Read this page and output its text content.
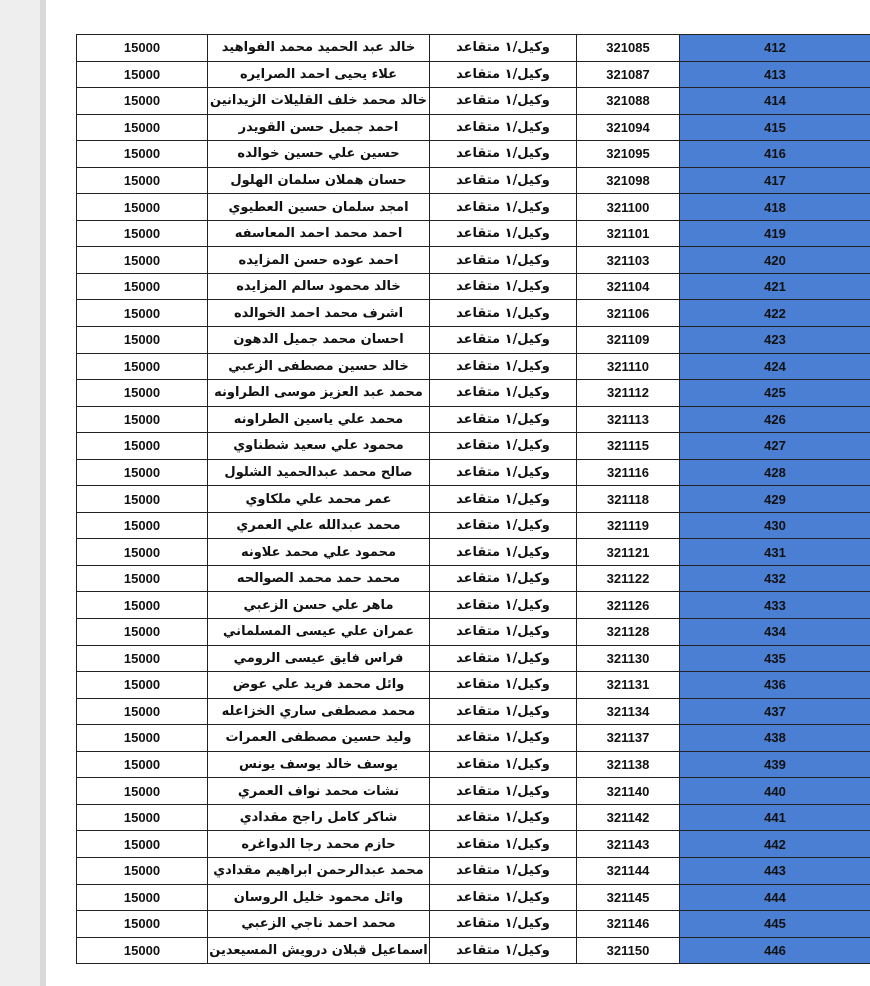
15000	خالد عبد الحميد محمد الفواهيد	وكيل/١ متقاعد	321085	412
15000	علاء يحيى احمد الصرايره	وكيل/١ متقاعد	321087	413
15000	خالد محمد خلف القليلات الزيدانين	وكيل/١ متقاعد	321088	414
15000	احمد جميل حسن القويدر	وكيل/١ متقاعد	321094	415
15000	حسين علي حسين خوالده	وكيل/١ متقاعد	321095	416
15000	حسان هملان سلمان الهلول	وكيل/١ متقاعد	321098	417
15000	امجد سلمان حسين العطيوي	وكيل/١ متقاعد	321100	418
15000	احمد محمد احمد المعاسفه	وكيل/١ متقاعد	321101	419
15000	احمد عوده حسن المزايده	وكيل/١ متقاعد	321103	420
15000	خالد محمود سالم المزايده	وكيل/١ متقاعد	321104	421
15000	اشرف محمد احمد الخوالده	وكيل/١ متقاعد	321106	422
15000	احسان محمد جميل الدهون	وكيل/١ متقاعد	321109	423
15000	خالد حسين مصطفى الزعبي	وكيل/١ متقاعد	321110	424
15000	محمد عبد العزيز موسى الطراونه	وكيل/١ متقاعد	321112	425
15000	محمد علي ياسين الطراونه	وكيل/١ متقاعد	321113	426
15000	محمود علي سعيد شطناوي	وكيل/١ متقاعد	321115	427
15000	صالح محمد عبدالحميد الشلول	وكيل/١ متقاعد	321116	428
15000	عمر محمد علي ملكاوي	وكيل/١ متقاعد	321118	429
15000	محمد عبدالله علي العمري	وكيل/١ متقاعد	321119	430
15000	محمود علي محمد علاونه	وكيل/١ متقاعد	321121	431
15000	محمد حمد محمد الصوالحه	وكيل/١ متقاعد	321122	432
15000	ماهر علي حسن الزعبي	وكيل/١ متقاعد	321126	433
15000	عمران علي عيسى المسلماني	وكيل/١ متقاعد	321128	434
15000	فراس فايق عيسى الرومي	وكيل/١ متقاعد	321130	435
15000	وائل محمد فريد علي عوض	وكيل/١ متقاعد	321131	436
15000	محمد مصطفى ساري الخزاعله	وكيل/١ متقاعد	321134	437
15000	وليد حسين مصطفى العمرات	وكيل/١ متقاعد	321137	438
15000	يوسف خالد يوسف يونس	وكيل/١ متقاعد	321138	439
15000	نشات محمد نواف العمري	وكيل/١ متقاعد	321140	440
15000	شاكر كامل راجح مقدادي	وكيل/١ متقاعد	321142	441
15000	حازم محمد رجا الدواغره	وكيل/١ متقاعد	321143	442
15000	محمد عبدالرحمن ابراهيم مقدادي	وكيل/١ متقاعد	321144	443
15000	وائل محمود خليل الروسان	وكيل/١ متقاعد	321145	444
15000	محمد احمد ناجي الزعبي	وكيل/١ متقاعد	321146	445
15000	اسماعيل قبلان درويش المسيعدين	وكيل/١ متقاعد	321150	446
